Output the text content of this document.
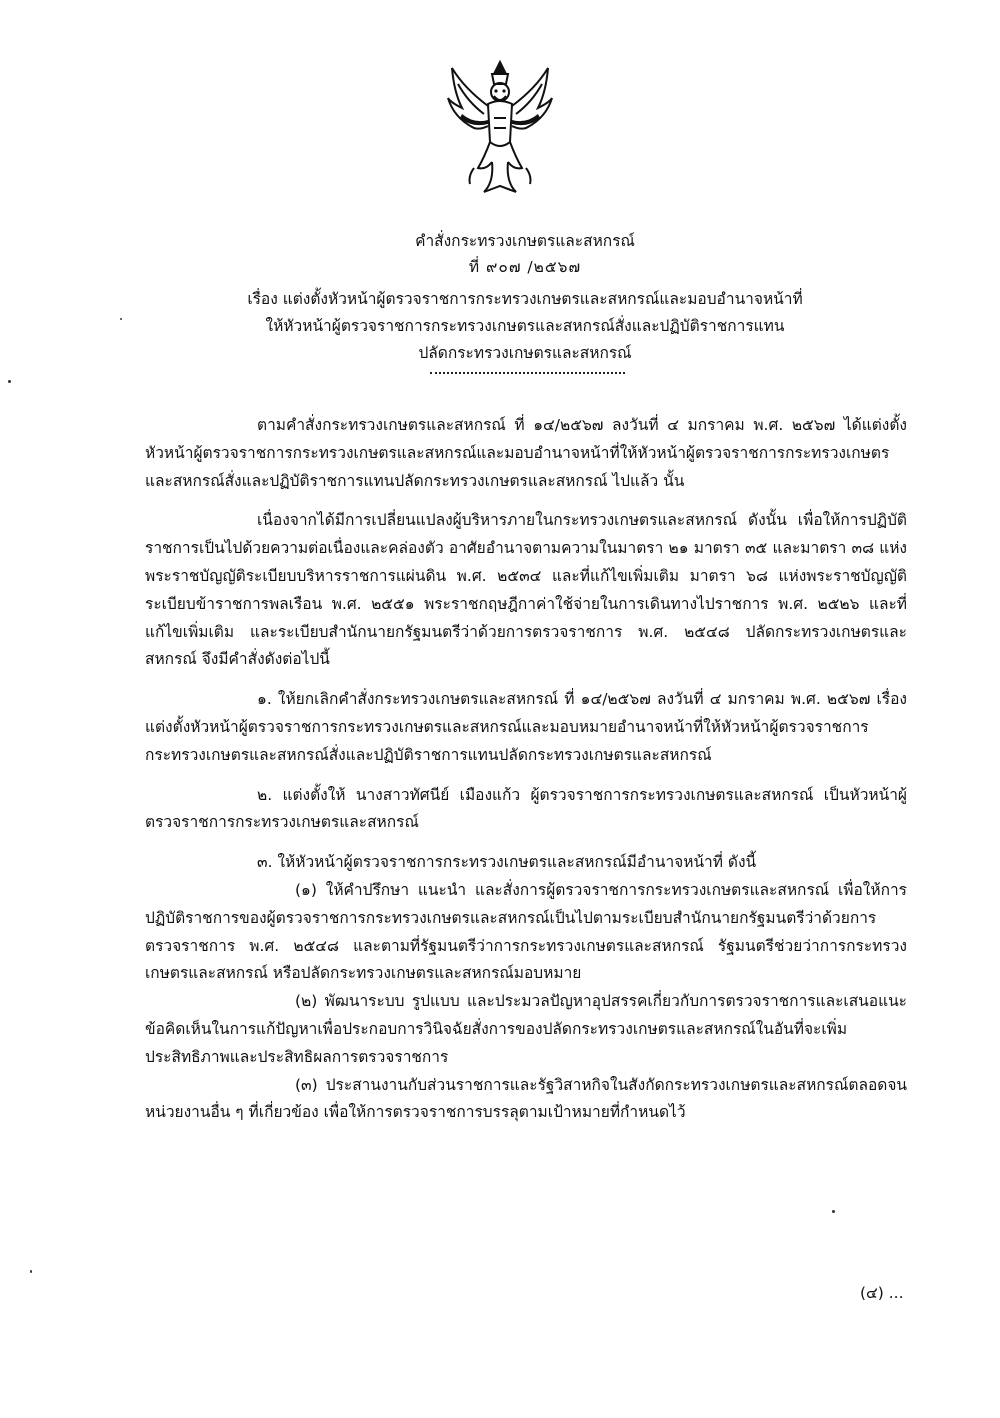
คำสั่งกระทรวงเกษตรและสหกรณ์
ที่ ๙๐๗ /๒๕๖๗
เรื่อง แต่งตั้งหัวหน้าผู้ตรวจราชการกระทรวงเกษตรและสหกรณ์และมอบอำนาจหน้าที่
ให้หัวหน้าผู้ตรวจราชการกระทรวงเกษตรและสหกรณ์สั่งและปฏิบัติราชการแทน
ปลัดกระทรวงเกษตรและสหกรณ์

ตามคำสั่งกระทรวงเกษตรและสหกรณ์ ที่ ๑๔/๒๕๖๗ ลงวันที่ ๔ มกราคม พ.ศ. ๒๕๖๗ ได้แต่งตั้งหัวหน้าผู้ตรวจราชการกระทรวงเกษตรและสหกรณ์และมอบอำนาจหน้าที่ให้หัวหน้าผู้ตรวจราชการกระทรวงเกษตรและสหกรณ์สั่งและปฏิบัติราชการแทนปลัดกระทรวงเกษตรและสหกรณ์ ไปแล้ว นั้น

เนื่องจากได้มีการเปลี่ยนแปลงผู้บริหารภายในกระทรวงเกษตรและสหกรณ์ ดังนั้น เพื่อให้การปฏิบัติราชการเป็นไปด้วยความต่อเนื่องและคล่องตัว อาศัยอำนาจตามความในมาตรา ๒๑ มาตรา ๓๕ และมาตรา ๓๘ แห่งพระราชบัญญัติระเบียบบริหารราชการแผ่นดิน พ.ศ. ๒๕๓๔ และที่แก้ไขเพิ่มเติม มาตรา ๖๘ แห่งพระราชบัญญัติระเบียบข้าราชการพลเรือน พ.ศ. ๒๕๕๑ พระราชกฤษฎีกาค่าใช้จ่ายในการเดินทางไปราชการ พ.ศ. ๒๕๒๖ และที่แก้ไขเพิ่มเติม และระเบียบสำนักนายกรัฐมนตรีว่าด้วยการตรวจราชการ พ.ศ. ๒๕๔๘ ปลัดกระทรวงเกษตรและสหกรณ์ จึงมีคำสั่งดังต่อไปนี้

๑. ให้ยกเลิกคำสั่งกระทรวงเกษตรและสหกรณ์ ที่ ๑๔/๒๕๖๗ ลงวันที่ ๔ มกราคม พ.ศ. ๒๕๖๗ เรื่อง แต่งตั้งหัวหน้าผู้ตรวจราชการกระทรวงเกษตรและสหกรณ์และมอบหมายอำนาจหน้าที่ให้หัวหน้าผู้ตรวจราชการกระทรวงเกษตรและสหกรณ์สั่งและปฏิบัติราชการแทนปลัดกระทรวงเกษตรและสหกรณ์

๒. แต่งตั้งให้ นางสาวทัศนีย์ เมืองแก้ว ผู้ตรวจราชการกระทรวงเกษตรและสหกรณ์ เป็นหัวหน้าผู้ตรวจราชการกระทรวงเกษตรและสหกรณ์

๓. ให้หัวหน้าผู้ตรวจราชการกระทรวงเกษตรและสหกรณ์มีอำนาจหน้าที่ ดังนี้

(๑) ให้คำปรึกษา แนะนำ และสั่งการผู้ตรวจราชการกระทรวงเกษตรและสหกรณ์ เพื่อให้การปฏิบัติราชการของผู้ตรวจราชการกระทรวงเกษตรและสหกรณ์เป็นไปตามระเบียบสำนักนายกรัฐมนตรีว่าด้วยการตรวจราชการ พ.ศ. ๒๕๔๘ และตามที่รัฐมนตรีว่าการกระทรวงเกษตรและสหกรณ์ รัฐมนตรีช่วยว่าการกระทรวงเกษตรและสหกรณ์ หรือปลัดกระทรวงเกษตรและสหกรณ์มอบหมาย

(๒) พัฒนาระบบ รูปแบบ และประมวลปัญหาอุปสรรคเกี่ยวกับการตรวจราชการและเสนอแนะข้อคิดเห็นในการแก้ปัญหาเพื่อประกอบการวินิจฉัยสั่งการของปลัดกระทรวงเกษตรและสหกรณ์ในอันที่จะเพิ่มประสิทธิภาพและประสิทธิผลการตรวจราชการ

(๓) ประสานงานกับส่วนราชการและรัฐวิสาหกิจในสังกัดกระทรวงเกษตรและสหกรณ์ตลอดจนหน่วยงานอื่น ๆ ที่เกี่ยวข้อง เพื่อให้การตรวจราชการบรรลุตามเป้าหมายที่กำหนดไว้

(๔) ...
